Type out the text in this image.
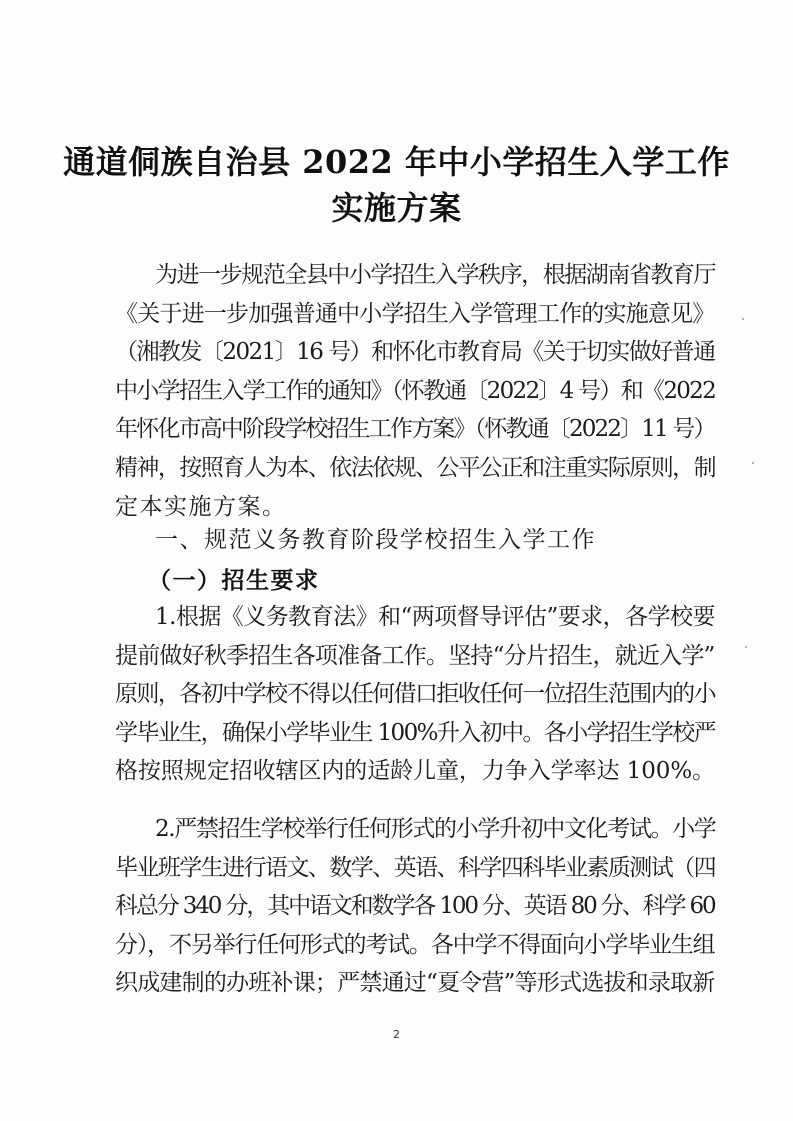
通道侗族自治县 2022 年中小学招生入学工作
实施方案
为进一步规范全县中小学招生入学秩序，根据湖南省教育厅
《关于进一步加强普通中小学招生入学管理工作的实施意见》
（湘教发〔2021〕16 号）和怀化市教育局《关于切实做好普通
中小学招生入学工作的通知》（怀教通〔2022〕4 号）和《2022
年怀化市高中阶段学校招生工作方案》（怀教通〔2022〕11 号）
精神，按照育人为本、依法依规、公平公正和注重实际原则，制
定本实施方案。
一、规范义务教育阶段学校招生入学工作
（一）招生要求
1.根据《义务教育法》和“两项督导评估”要求，各学校要
提前做好秋季招生各项准备工作。坚持“分片招生，就近入学”
原则，各初中学校不得以任何借口拒收任何一位招生范围内的小
学毕业生，确保小学毕业生 100%升入初中。各小学招生学校严
格按照规定招收辖区内的适龄儿童，力争入学率达 100%。
2.严禁招生学校举行任何形式的小学升初中文化考试。小学
毕业班学生进行语文、数学、英语、科学四科毕业素质测试（四
科总分 340 分，其中语文和数学各 100 分、英语 80 分、科学 60
分），不另举行任何形式的考试。各中学不得面向小学毕业生组
织成建制的办班补课；严禁通过“夏令营”等形式选拔和录取新
2
